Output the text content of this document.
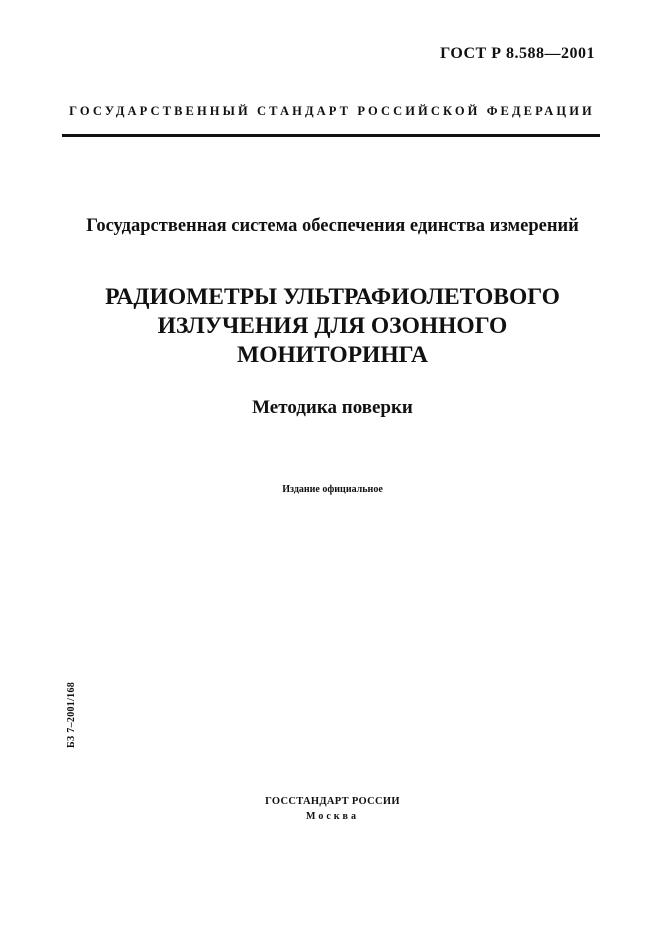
ГОСТ Р 8.588—2001
ГОСУДАРСТВЕННЫЙ СТАНДАРТ РОССИЙСКОЙ ФЕДЕРАЦИИ
Государственная система обеспечения единства измерений
РАДИОМЕТРЫ УЛЬТРАФИОЛЕТОВОГО
ИЗЛУЧЕНИЯ ДЛЯ ОЗОННОГО
МОНИТОРИНГА
Методика поверки
Издание официальное
БЗ 7–2001/168
ГОССТАНДАРТ РОССИИ
Москва
